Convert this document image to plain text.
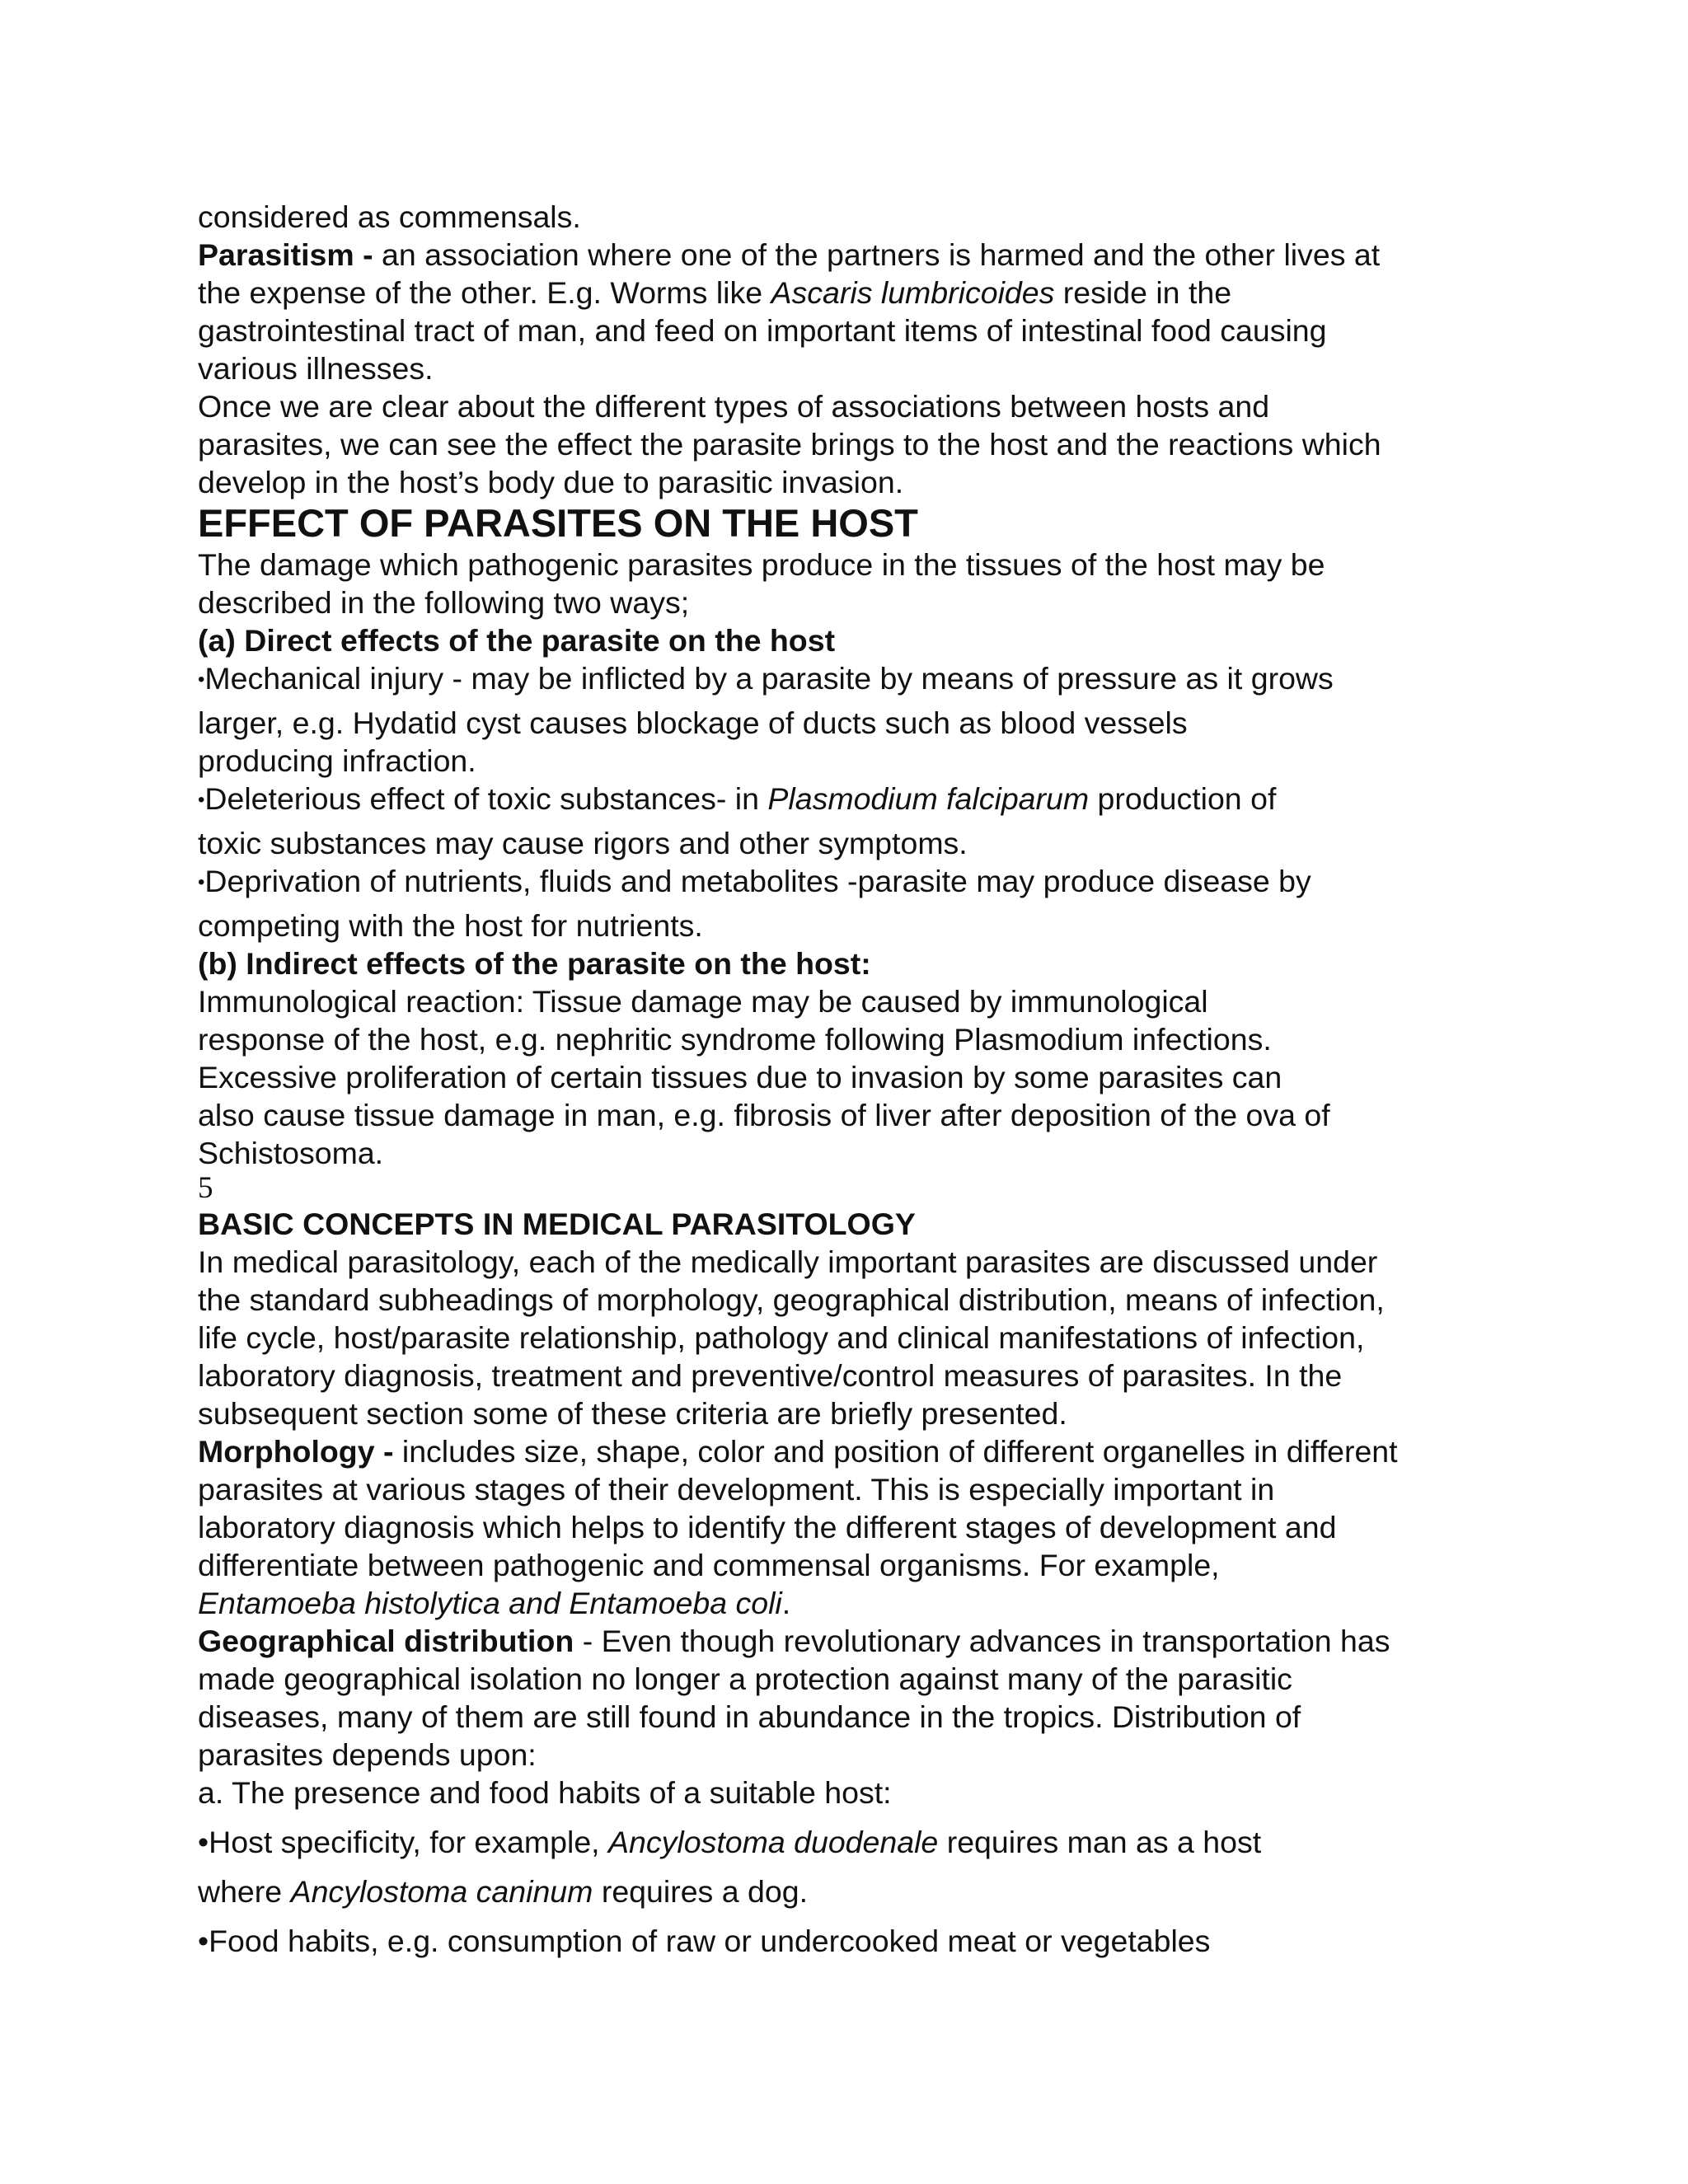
considered as commensals.
Parasitism - an association where one of the partners is harmed and the other lives at
the expense of the other. E.g. Worms like Ascaris lumbricoides reside in the
gastrointestinal tract of man, and feed on important items of intestinal food causing
various illnesses.
Once we are clear about the different types of associations between hosts and
parasites, we can see the effect the parasite brings to the host and the reactions which
develop in the host’s body due to parasitic invasion.
EFFECT OF PARASITES ON THE HOST
The damage which pathogenic parasites produce in the tissues of the host may be
described in the following two ways;
(a) Direct effects of the parasite on the host
•Mechanical injury - may be inflicted by a parasite by means of pressure as it grows
larger, e.g. Hydatid cyst causes blockage of ducts such as blood vessels
producing infraction.
•Deleterious effect of toxic substances- in Plasmodium falciparum production of
toxic substances may cause rigors and other symptoms.
•Deprivation of nutrients, fluids and metabolites -parasite may produce disease by
competing with the host for nutrients.
(b) Indirect effects of the parasite on the host:
Immunological reaction: Tissue damage may be caused by immunological
response of the host, e.g. nephritic syndrome following Plasmodium infections.
Excessive proliferation of certain tissues due to invasion by some parasites can
also cause tissue damage in man, e.g. fibrosis of liver after deposition of the ova of
Schistosoma.
5
BASIC CONCEPTS IN MEDICAL PARASITOLOGY
In medical parasitology, each of the medically important parasites are discussed under
the standard subheadings of morphology, geographical distribution, means of infection,
life cycle, host/parasite relationship, pathology and clinical manifestations of infection,
laboratory diagnosis, treatment and preventive/control measures of parasites. In the
subsequent section some of these criteria are briefly presented.
Morphology - includes size, shape, color and position of different organelles in different
parasites at various stages of their development. This is especially important in
laboratory diagnosis which helps to identify the different stages of development and
differentiate between pathogenic and commensal organisms. For example,
Entamoeba histolytica and Entamoeba coli.
Geographical distribution - Even though revolutionary advances in transportation has
made geographical isolation no longer a protection against many of the parasitic
diseases, many of them are still found in abundance in the tropics. Distribution of
parasites depends upon:
a. The presence and food habits of a suitable host:
•Host specificity, for example, Ancylostoma duodenale requires man as a host
where Ancylostoma caninum requires a dog.
•Food habits, e.g. consumption of raw or undercooked meat or vegetables
